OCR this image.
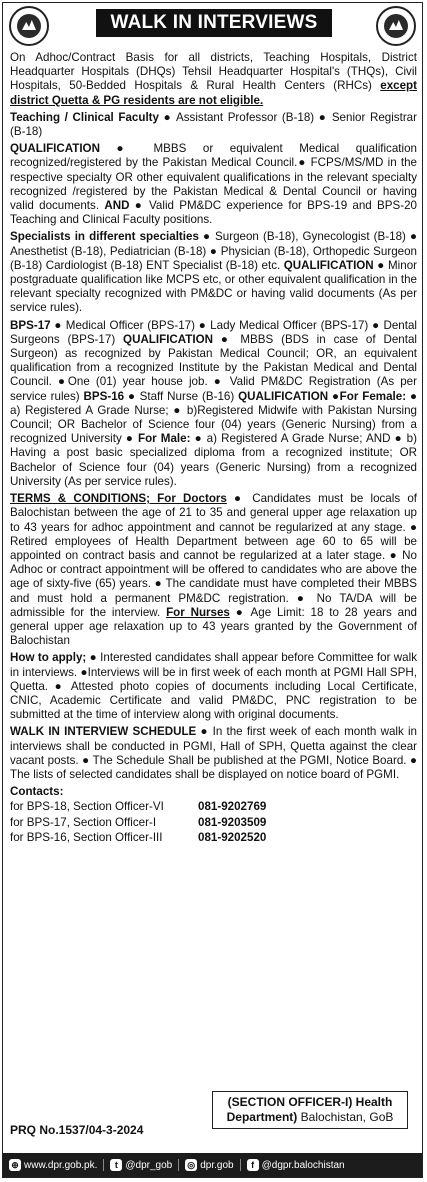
WALK IN INTERVIEWS

On Adhoc/Contract Basis for all districts, Teaching Hospitals, District Headquarter Hospitals (DHQs) Tehsil Headquarter Hospital's (THQs), Civil Hospitals, 50-Bedded Hospitals & Rural Health Centers (RHCs) except district Quetta & PG residents are not eligible.

Teaching / Clinical Faculty ● Assistant Professor (B-18) ● Senior Registrar (B-18)

QUALIFICATION ● MBBS or equivalent Medical qualification recognized/registered by the Pakistan Medical Council.● FCPS/MS/MD in the respective specialty OR other equivalent qualifications in the relevant specialty recognized /registered by the Pakistan Medical & Dental Council or having valid documents. AND ● Valid PM&DC experience for BPS-19 and BPS-20 Teaching and Clinical Faculty positions.

Specialists in different specialties ● Surgeon (B-18), Gynecologist (B-18) ● Anesthetist (B-18), Pediatrician (B-18) ● Physician (B-18), Orthopedic Surgeon (B-18) Cardiologist (B-18) ENT Specialist (B-18) etc. QUALIFICATION ● Minor postgraduate qualification like MCPS etc, or other equivalent qualification in the relevant specialty recognized with PM&DC or having valid documents (As per service rules).

BPS-17 ● Medical Officer (BPS-17) ● Lady Medical Officer (BPS-17) ● Dental Surgeons (BPS-17) QUALIFICATION ● MBBS (BDS in case of Dental Surgeon) as recognized by Pakistan Medical Council; OR, an equivalent qualification from a recognized Institute by the Pakistan Medical and Dental Council. ●One (01) year house job. ● Valid PM&DC Registration (As per service rules) BPS-16 ● Staff Nurse (B-16) QUALIFICATION ●For Female: ● a) Registered A Grade Nurse; ● b)Registered Midwife with Pakistan Nursing Council; OR Bachelor of Science four (04) years (Generic Nursing) from a recognized University ● For Male: ● a) Registered A Grade Nurse; AND ● b) Having a post basic specialized diploma from a recognized institute; OR Bachelor of Science four (04) years (Generic Nursing) from a recognized University (As per service rules).

TERMS & CONDITIONS; For Doctors ● Candidates must be locals of Balochistan between the age of 21 to 35 and general upper age relaxation up to 43 years for adhoc appointment and cannot be regularized at any stage. ● Retired employees of Health Department between age 60 to 65 will be appointed on contract basis and cannot be regularized at a later stage. ● No Adhoc or contract appointment will be offered to candidates who are above the age of sixty-five (65) years. ● The candidate must have completed their MBBS and must hold a permanent PM&DC registration. ● No TA/DA will be admissible for the interview. For Nurses ● Age Limit: 18 to 28 years and general upper age relaxation up to 43 years granted by the Government of Balochistan

How to apply; ● Interested candidates shall appear before Committee for walk in interviews. ●Interviews will be in first week of each month at PGMI Hall SPH, Quetta. ● Attested photo copies of documents including Local Certificate, CNIC, Academic Certificate and valid PM&DC, PNC registration to be submitted at the time of interview along with original documents.

WALK IN INTERVIEW SCHEDULE ● In the first week of each month walk in interviews shall be conducted in PGMI, Hall of SPH, Quetta against the clear vacant posts. ● The Schedule Shall be published at the PGMI, Notice Board. ● The lists of selected candidates shall be displayed on notice board of PGMI.

Contacts:
for BPS-18, Section Officer-VI	081-9202769
for BPS-17, Section Officer-I	081-9203509
for BPS-16, Section Officer-III	081-9202520
(SECTION OFFICER-I) Health
Department) Balochistan, GoB
PRQ No.1537/04-3-2024
⊕ www.dpr.gob.pk.	t @dpr_gob ◎ dpr.gob	f @dgpr.balochistan
